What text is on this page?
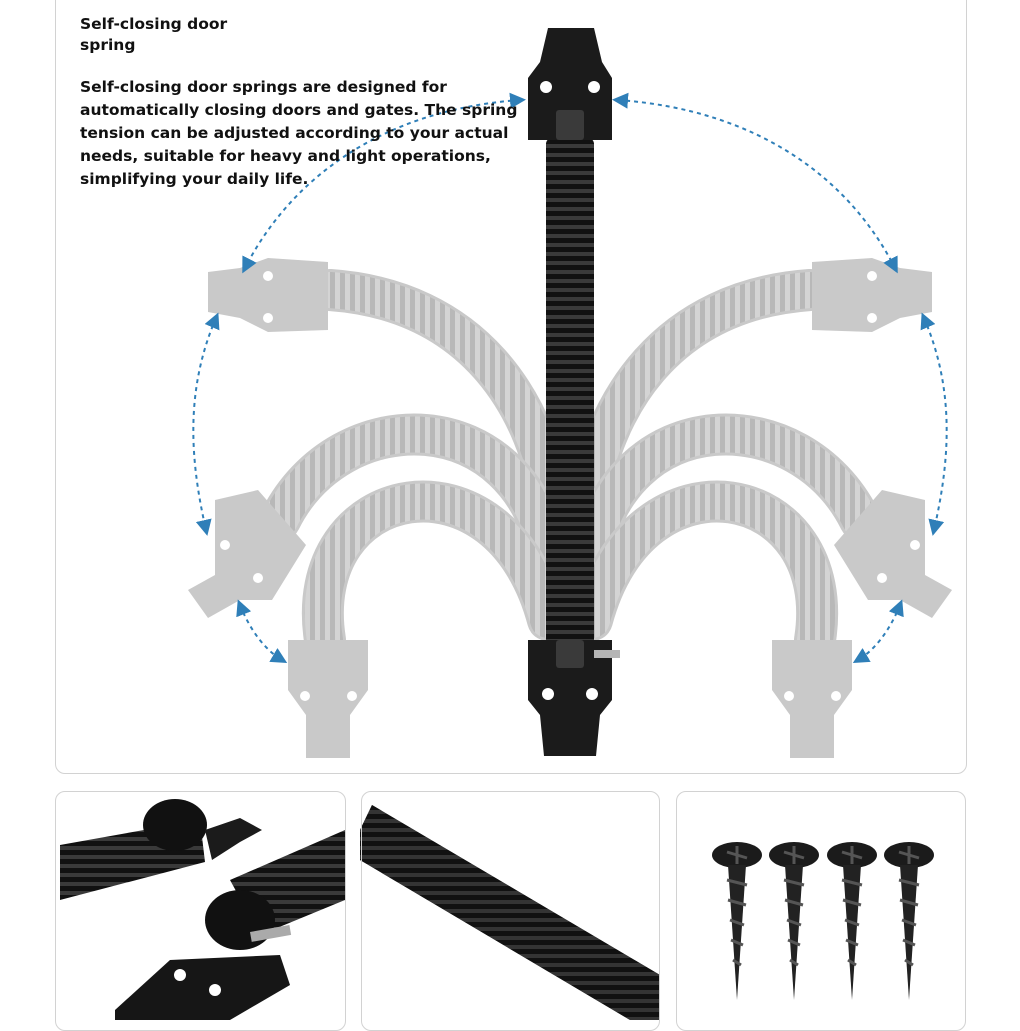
Self-closing door spring
Self-closing door springs are designed for automatically closing doors and gates. The spring tension can be adjusted according to your actual needs, suitable for heavy and light operations, simplifying your daily life.
